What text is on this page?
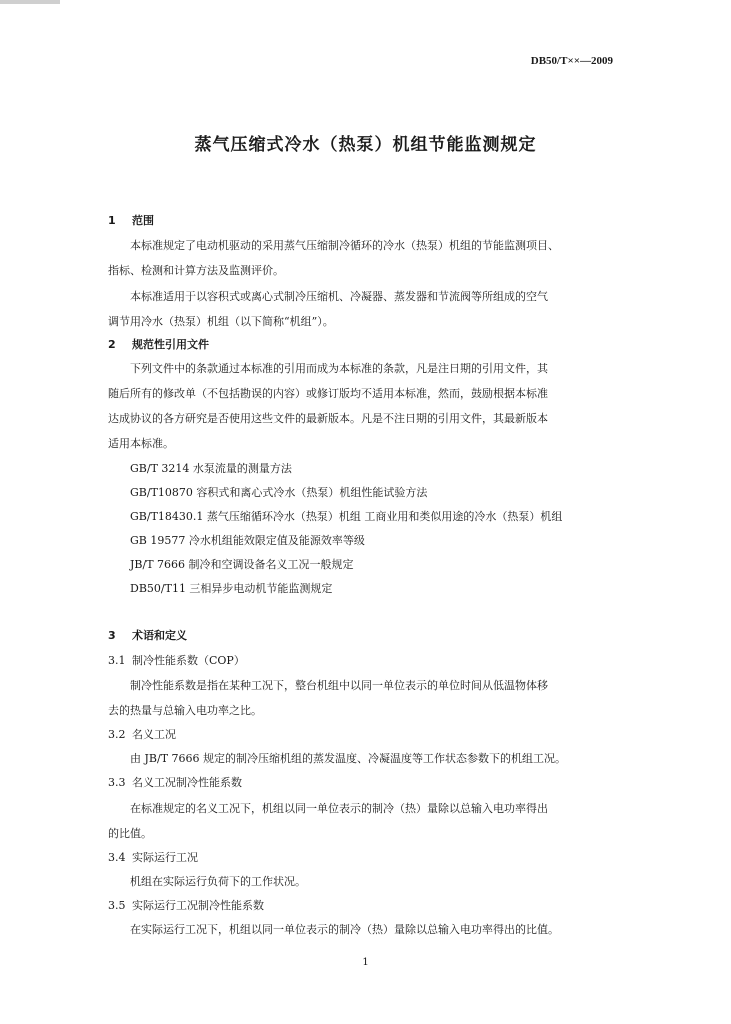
DB50/T××—2009
蒸气压缩式冷水（热泵）机组节能监测规定
1 范围
本标准规定了电动机驱动的采用蒸气压缩制冷循环的冷水（热泵）机组的节能监测项目、
指标、检测和计算方法及监测评价。
本标准适用于以容积式或离心式制冷压缩机、冷凝器、蒸发器和节流阀等所组成的空气
调节用冷水（热泵）机组（以下简称“机组”）。
2 规范性引用文件
下列文件中的条款通过本标准的引用而成为本标准的条款，凡是注日期的引用文件，其
随后所有的修改单（不包括勘误的内容）或修订版均不适用本标准，然而，鼓励根据本标准
达成协议的各方研究是否使用这些文件的最新版本。凡是不注日期的引用文件，其最新版本
适用本标准。
GB/T 3214 水泵流量的测量方法
GB/T10870 容积式和离心式冷水（热泵）机组性能试验方法
GB/T18430.1 蒸气压缩循环冷水（热泵）机组 工商业用和类似用途的冷水（热泵）机组
GB 19577 冷水机组能效限定值及能源效率等级
JB/T 7666 制冷和空调设备名义工况一般规定
DB50/T11 三相异步电动机节能监测规定
3 术语和定义
3.1 制冷性能系数（COP）
制冷性能系数是指在某种工况下，整台机组中以同一单位表示的单位时间从低温物体移
去的热量与总输入电功率之比。
3.2 名义工况
由 JB/T 7666 规定的制冷压缩机组的蒸发温度、冷凝温度等工作状态参数下的机组工况。
3.3 名义工况制冷性能系数
在标准规定的名义工况下，机组以同一单位表示的制冷（热）量除以总输入电功率得出
的比值。
3.4 实际运行工况
机组在实际运行负荷下的工作状况。
3.5 实际运行工况制冷性能系数
在实际运行工况下，机组以同一单位表示的制冷（热）量除以总输入电功率得出的比值。
1
